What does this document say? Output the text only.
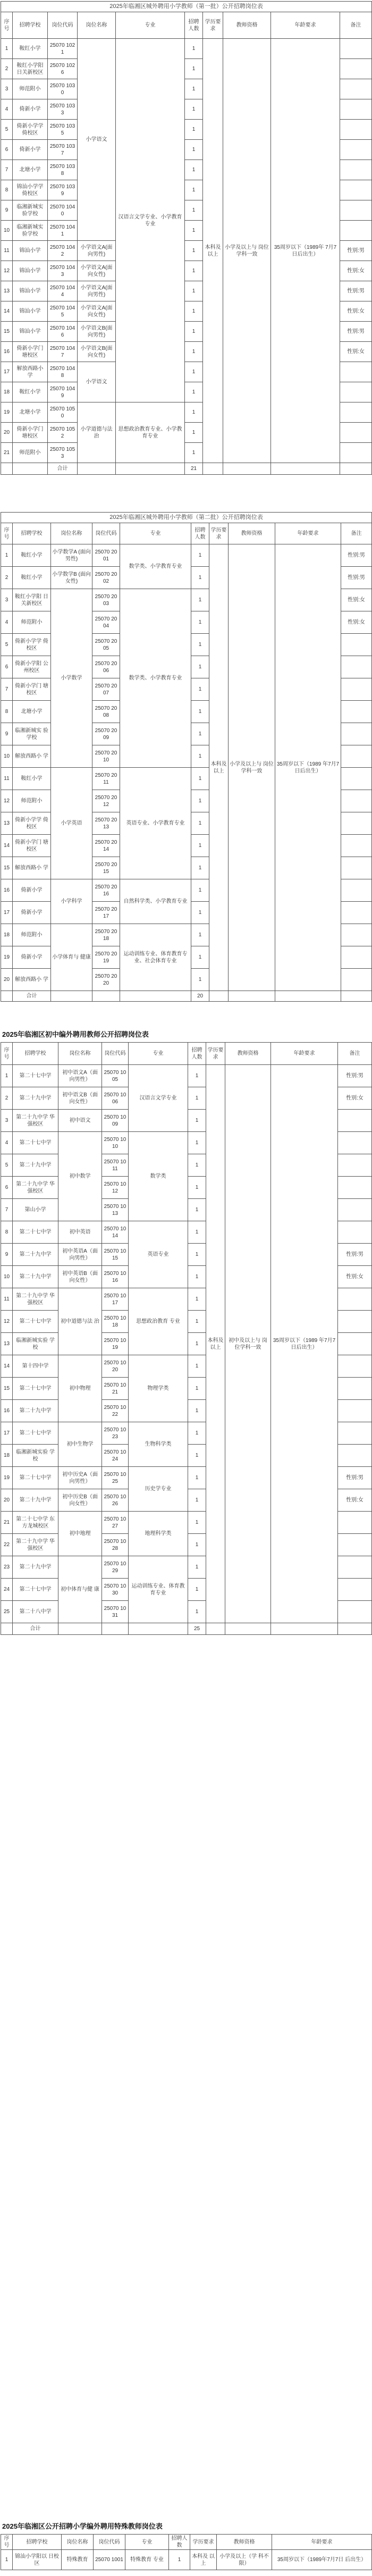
2025年临湘区城外聘用小学教师（第一批）公开招聘岗位表									
序号	招聘学校	岗位代码	岗位名称	专业	招聘人数	学历要求	教师资格	年龄要求	备注
1	鞍红小学	25070 1021	小学语文	汉语言文学专业、小学教育专业	1	本科及以上	小学及以上与 岗位学科一致	35周岁以下（1989年 7月7日后出生）	
2	鞍红小学阳 日关新校区	25070 1026			1				
3	师范附小	25070 1030			1				
4	倚新小学	25070 1033			1				
5	倚新小学学 倚校区	25070 1035			1				
6	倚新小学	25070 1037			1				
7	北塘小学	25070 1038			1				
8	锦汕小学学 倚校区	25070 1039			1				
9	临湘新城实 验学校	25070 1040			1				
10	临湘新城实 验学校	25070 1041			1				
11	锦汕小学	25070 1042	小学语文A(面 向男性)		1				性别:男
12	锦汕小学	25070 1043	小学语文A(面 向女性)		1				性别:女
13	锦汕小学	25070 1044	小学语文A(面 向男性)		1				性别:男
14	锦汕小学	25070 1045	小学语文A(面 向女性)		1				性别:女
15	锦汕小学	25070 1046	小学语文B(面 向男性)		1				性别:男
16	倚新小学门 塘校区	25070 1047	小学语文B(面 向女性)		1				性别:女
17	解放西路小 学	25070 1048	小学语文		1				
18	鞍红小学	25070 1049			1				
19	北塘小学	25070 1050	小学道德与法 治	思想政治教育专业、小学教育专业	1				
20	倚新小学门 塘校区	25070 1052			1				
21	师范附小	25070 1053			1				
		合计			21				
2025年临湘区城外聘用小学教师（第二批）公开招聘岗位表									
序号	招聘学校	岗位名称	岗位代码	专业	招聘人数	学历要求	教师资格	年龄要求	备注
1	鞍红小学	小学数学A (面向男性)	25070 2001	数学类、小学教育专业	1	本科及以上	小学及以上与 岗位学科一致	35周岁以下（1989 年7月7日后出生）	性别:男
2	鞍红小学	小学数学B (面向女性)	25070 2002		1				性别:男
3	鞍红小学阳 日关新校区	小学数学	25070 2003	数学类、小学教育专业	1				性别:女
4	师范附小		25070 2004		1				性别:女
5	倚新小学学 倚校区		25070 2005		1				
6	倚新小学阳 公州校区		25070 2006		1				
7	倚新小学门 塘校区		25070 2007		1				
8	北塘小学		25070 2008		1				
9	临湘新城实 验学校		25070 2009		1				
10	解放西路小 学		25070 2010		1				
11	鞍红小学	小学英语	25070 2011	英语专业、小学教育专业	1				
12	师范附小		25070 2012		1				
13	倚新小学学 倚校区		25070 2013		1				
14	倚新小学门 塘校区		25070 2014		1				
15	解放西路小 学		25070 2015		1				
16	倚新小学	小学科学	25070 2016	自然科学类、小学教育专业	1				
17	倚新小学		25070 2017		1				
18	师范附小	小学体育与 健康	25070 2018	运动训练专业、体育教育专业、社会体育专业	1				
19	倚新小学		25070 2019		1				
20	解放西路小 学		25070 2020		1				
	合计				20				
2025年临湘区初中编外聘用教师公开招聘岗位表
序号	招聘学校	岗位名称	岗位代码	专业	招聘人数	学历要求	教师资格	年龄要求	备注
1	第二十七中学	初中语文A（面 向男性）	25070 1005	汉语言文学专业	1	本科及以上	初中及以上与 岗位学科一致	35周岁以下（1989 年7月7日后出生）	性别:男
2	第二十九中学	初中语文B（面 向女性）	25070 1006		1				性别:女
3	第二十九中学 华强校区	初中语文	25070 1009		1				
4	第二十七中学	初中数学	25070 1010	数学类	1				
5	第二十九中学		25070 1011		1				
6	第二十九中学 华强校区		25070 1012		1				
7	第山小学		25070 1013		1				
8	第二十七中学	初中英语	25070 1014	英语专业	1				
9	第二十九中学	初中英语A（面 向男性）	25070 1015		1				性别:男
10	第二十九中学	初中英语B（面 向女性）	25070 1016		1				性别:女
11	第二十九中学 华强校区	初中道德与法 治	25070 1017	思想政治教育 专业	1				
12	第二十七中学		25070 1018		1				
13	临湘新城实验 学校		25070 1019		1				
14	第十四中学	初中物理	25070 1020	物理学类	1				
15	第二十七中学		25070 1021		1				
16	第二十九中学		25070 1022		1				
17	第二十七中学	初中生物学	25070 1023	生物科学类	1				
18	临湘新城实验 学校		25070 1024		1				
19	第二十七中学	初中历史A（面 向男性）	25070 1025	历史学专业	1				性别:男
20	第二十九中学	初中历史B（面 向女性）	25070 1026		1				性别:女
21	第二十七中学 东方龙城校区	初中地理	25070 1027	地理科学类	1				
22	第二十九中学 华强校区		25070 1028		1				
23	第二十九中学	初中体育与健 康	25070 1029	运动训练专业、体育教育专业	1				
24	第二十七中学		25070 1030		1				
25	第二十八中学		25070 1031		1				
	合计				25				
2025年临湘区公开招聘小学编外聘用特殊教师岗位表
序号	招聘学校	岗位名称	岗位代码	专业	招聘人数	学历要求	教师资格	年龄要求
1	锦汕小学阳以 日校区	特殊教育	25070 1001	特殊教育 专业	1	本科及 以上	小学及以上（学 科不限）	35周岁以下（1989年7月7日 后出生）
